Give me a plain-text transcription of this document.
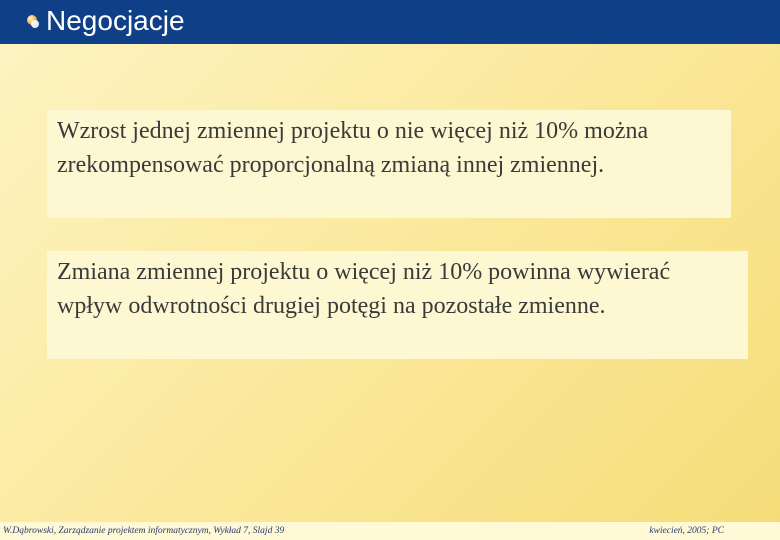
Negocjacje
Wzrost jednej zmiennej projektu o nie więcej niż 10% można zrekompensować proporcjonalną zmianą innej zmiennej.
Zmiana zmiennej projektu o więcej niż 10% powinna wywierać wpływ odwrotności drugiej potęgi na pozostałe zmienne.
W.Dąbrowski, Zarządzanie projektem informatycznym, Wykład 7, Slajd 39	kwiecień, 2005; PC
